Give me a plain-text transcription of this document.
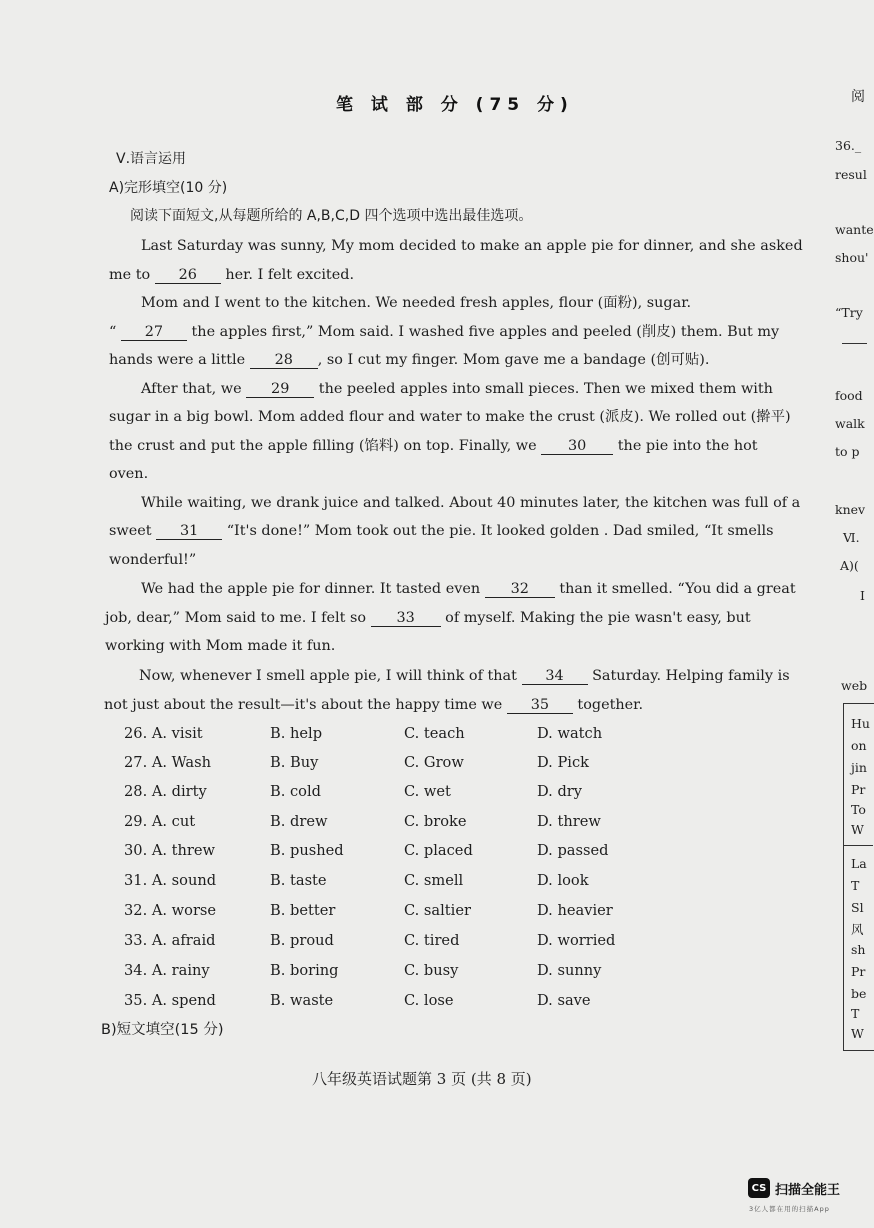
笔 试 部 分 (75 分)
Ⅴ.语言运用
A)完形填空(10 分)
阅读下面短文,从每题所给的 A,B,C,D 四个选项中选出最佳选项。
Last Saturday was sunny, My mom decided to make an apple pie for dinner, and she asked
me to 26 her. I felt excited.
Mom and I went to the kitchen. We needed fresh apples, flour (面粉), sugar.
“ 27 the apples first,” Mom said. I washed five apples and peeled (削皮) them. But my
hands were a little 28 , so I cut my finger. Mom gave me a bandage (创可贴).
After that, we 29 the peeled apples into small pieces. Then we mixed them with
sugar in a big bowl. Mom added flour and water to make the crust (派皮). We rolled out (擀平)
the crust and put the apple filling (馅料) on top. Finally, we 30 the pie into the hot
oven.
While waiting, we drank juice and talked. About 40 minutes later, the kitchen was full of a
sweet 31 “It's done!” Mom took out the pie. It looked golden . Dad smiled, “It smells
wonderful!”
We had the apple pie for dinner. It tasted even 32 than it smelled. “You did a great
job, dear,” Mom said to me. I felt so 33 of myself. Making the pie wasn't easy, but
working with Mom made it fun.
Now, whenever I smell apple pie, I will think of that 34 Saturday. Helping family is
not just about the result—it's about the happy time we 35 together.
26. A. visit	B. help	C. teach	D. watch
27. A. Wash	B. Buy	C. Grow	D. Pick
28. A. dirty	B. cold	C. wet	D. dry
29. A. cut	B. drew	C. broke	D. threw
30. A. threw	B. pushed	C. placed	D. passed
31. A. sound	B. taste	C. smell	D. look
32. A. worse	B. better	C. saltier	D. heavier
33. A. afraid	B. proud	C. tired	D. worried
34. A. rainy	B. boring	C. busy	D. sunny
35. A. spend	B. waste	C. lose	D. save
B)短文填空(15 分)
八年级英语试题第 3 页 (共 8 页)
阅
36._
resul
wante
shou'
“Try
food
walk
to p
knev
Ⅵ.
A)(
I
web
Hu
on
jin
Pr
To
W
La
T
Sl
风
sh
Pr
be
T
W
CS 扫描全能王
3亿人都在用的扫描App
